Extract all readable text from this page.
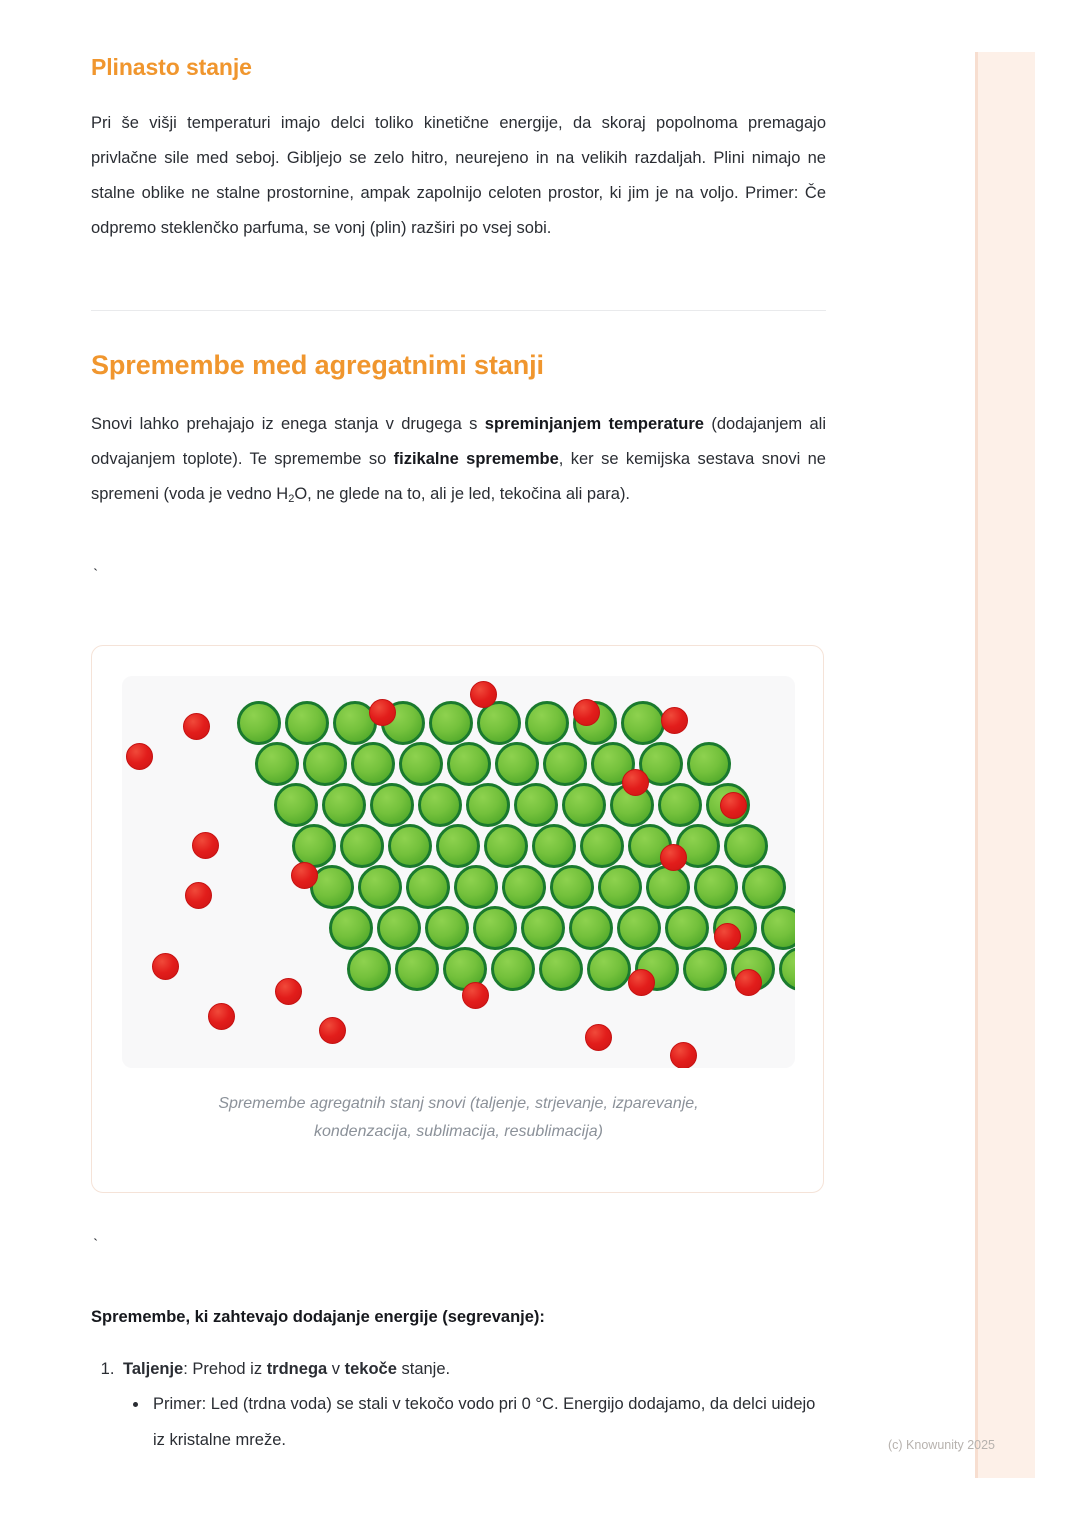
Plinasto stanje

Pri še višji temperaturi imajo delci toliko kinetične energije, da skoraj popolnoma premagajo privlačne sile med seboj. Gibljejo se zelo hitro, neurejeno in na velikih razdaljah. Plini nimajo ne stalne oblike ne stalne prostornine, ampak zapolnijo celoten prostor, ki jim je na voljo. Primer: Če odpremo steklenčko parfuma, se vonj (plin) razširi po vsej sobi.

Spremembe med agregatnimi stanji

Snovi lahko prehajajo iz enega stanja v drugega s spreminjanjem temperature (dodajanjem ali odvajanjem toplote). Te spremembe so fizikalne spremembe, ker se kemijska sestava snovi ne spremeni (voda je vedno $H_2O$, ne glede na to, ali je led, tekočina ali para).

`
Spremembe agregatnih stanj snovi (taljenje, strjevanje, izparevanje,
kondenzacija, sublimacija, resublimacija)
`
Spremembe, ki zahtevajo dodajanje energije (segrevanje):
1. Taljenje: Prehod iz trdnega v tekoče stanje.
• Primer: Led (trdna voda) se stali v tekočo vodo pri 0 °C. Energijo dodajamo, da delci uidejo iz kristalne mreže.	(c) Knowunity 2025
